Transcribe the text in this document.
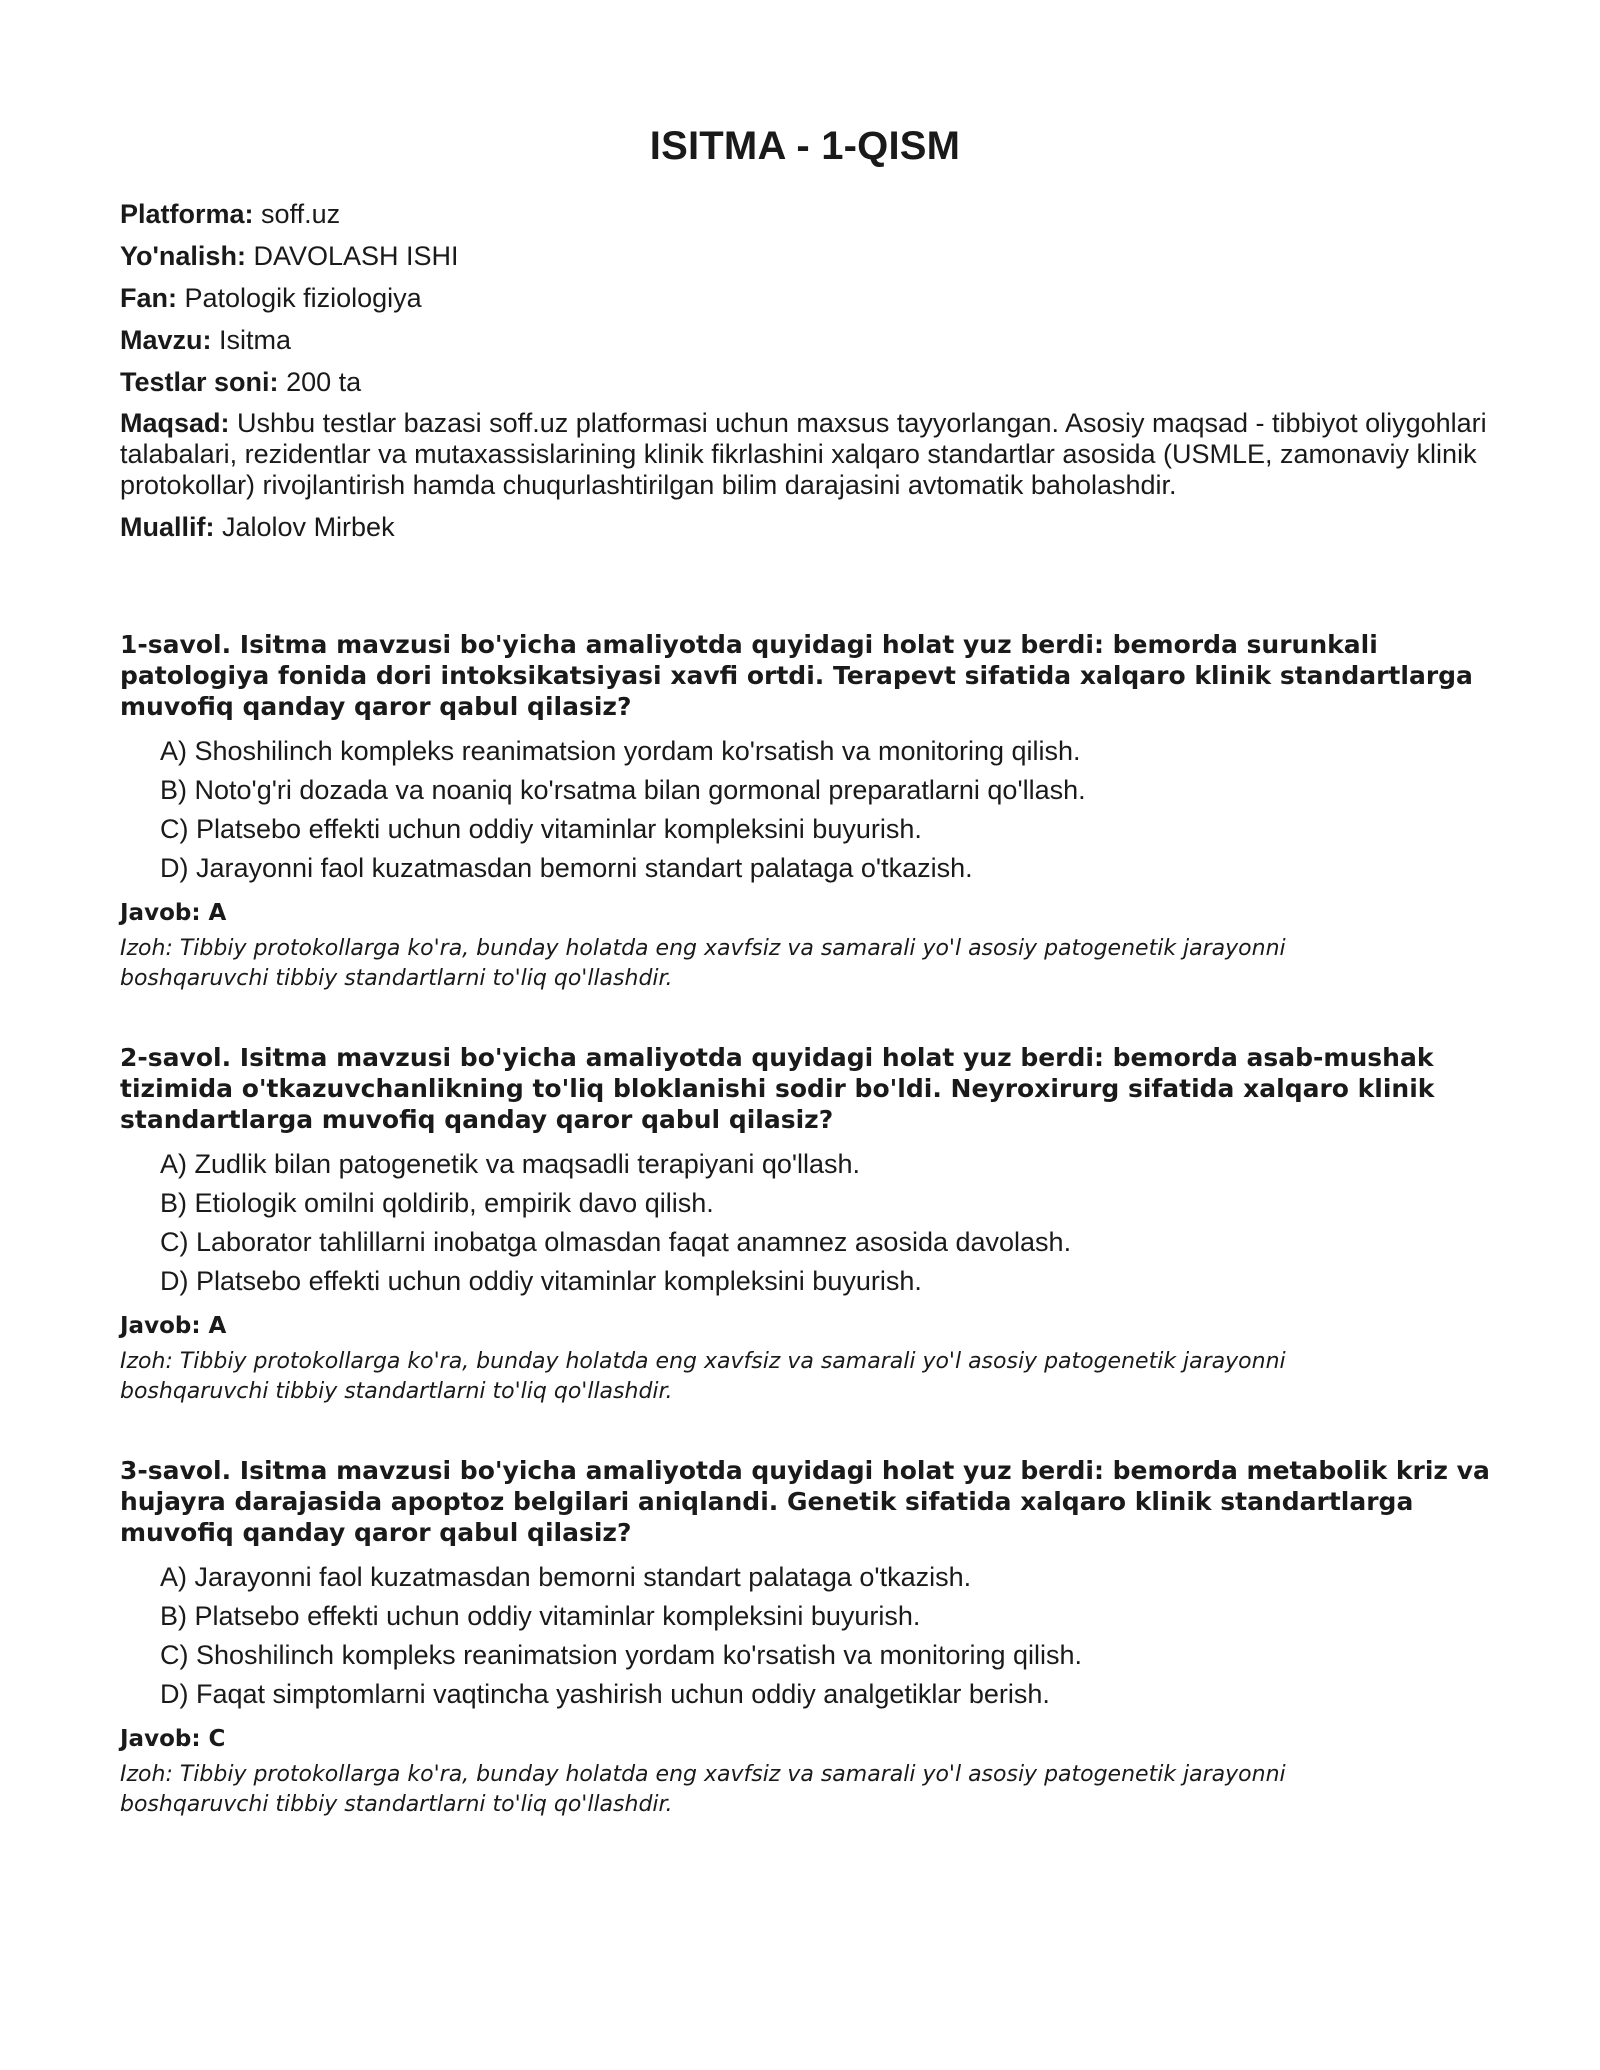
ISITMA - 1-QISM
Platforma: soff.uz
Yo'nalish: DAVOLASH ISHI
Fan: Patologik fiziologiya
Mavzu: Isitma
Testlar soni: 200 ta
Maqsad: Ushbu testlar bazasi soff.uz platformasi uchun maxsus tayyorlangan. Asosiy maqsad - tibbiyot oliygohlari talabalari, rezidentlar va mutaxassislarining klinik fikrlashini xalqaro standartlar asosida (USMLE, zamonaviy klinik protokollar) rivojlantirish hamda chuqurlashtirilgan bilim darajasini avtomatik baholashdir.
Muallif: Jalolov Mirbek

1-savol. Isitma mavzusi bo'yicha amaliyotda quyidagi holat yuz berdi: bemorda surunkali patologiya fonida dori intoksikatsiyasi xavfi ortdi. Terapevt sifatida xalqaro klinik standartlarga muvofiq qanday qaror qabul qilasiz?

A) Shoshilinch kompleks reanimatsion yordam ko'rsatish va monitoring qilish.
B) Noto'g'ri dozada va noaniq ko'rsatma bilan gormonal preparatlarni qo'llash.
C) Platsebo effekti uchun oddiy vitaminlar kompleksini buyurish.
D) Jarayonni faol kuzatmasdan bemorni standart palataga o'tkazish.
Javob: A
Izoh: Tibbiy protokollarga ko'ra, bunday holatda eng xavfsiz va samarali yo'l asosiy patogenetik jarayonni boshqaruvchi tibbiy standartlarni to'liq qo'llashdir.

2-savol. Isitma mavzusi bo'yicha amaliyotda quyidagi holat yuz berdi: bemorda asab-mushak tizimida o'tkazuvchanlikning to'liq bloklanishi sodir bo'ldi. Neyroxirurg sifatida xalqaro klinik standartlarga muvofiq qanday qaror qabul qilasiz?

A) Zudlik bilan patogenetik va maqsadli terapiyani qo'llash.
B) Etiologik omilni qoldirib, empirik davo qilish.
C) Laborator tahlillarni inobatga olmasdan faqat anamnez asosida davolash.
D) Platsebo effekti uchun oddiy vitaminlar kompleksini buyurish.
Javob: A
Izoh: Tibbiy protokollarga ko'ra, bunday holatda eng xavfsiz va samarali yo'l asosiy patogenetik jarayonni boshqaruvchi tibbiy standartlarni to'liq qo'llashdir.

3-savol. Isitma mavzusi bo'yicha amaliyotda quyidagi holat yuz berdi: bemorda metabolik kriz va hujayra darajasida apoptoz belgilari aniqlandi. Genetik sifatida xalqaro klinik standartlarga muvofiq qanday qaror qabul qilasiz?

A) Jarayonni faol kuzatmasdan bemorni standart palataga o'tkazish.
B) Platsebo effekti uchun oddiy vitaminlar kompleksini buyurish.
C) Shoshilinch kompleks reanimatsion yordam ko'rsatish va monitoring qilish.
D) Faqat simptomlarni vaqtincha yashirish uchun oddiy analgetiklar berish.
Javob: C
Izoh: Tibbiy protokollarga ko'ra, bunday holatda eng xavfsiz va samarali yo'l asosiy patogenetik jarayonni boshqaruvchi tibbiy standartlarni to'liq qo'llashdir.
